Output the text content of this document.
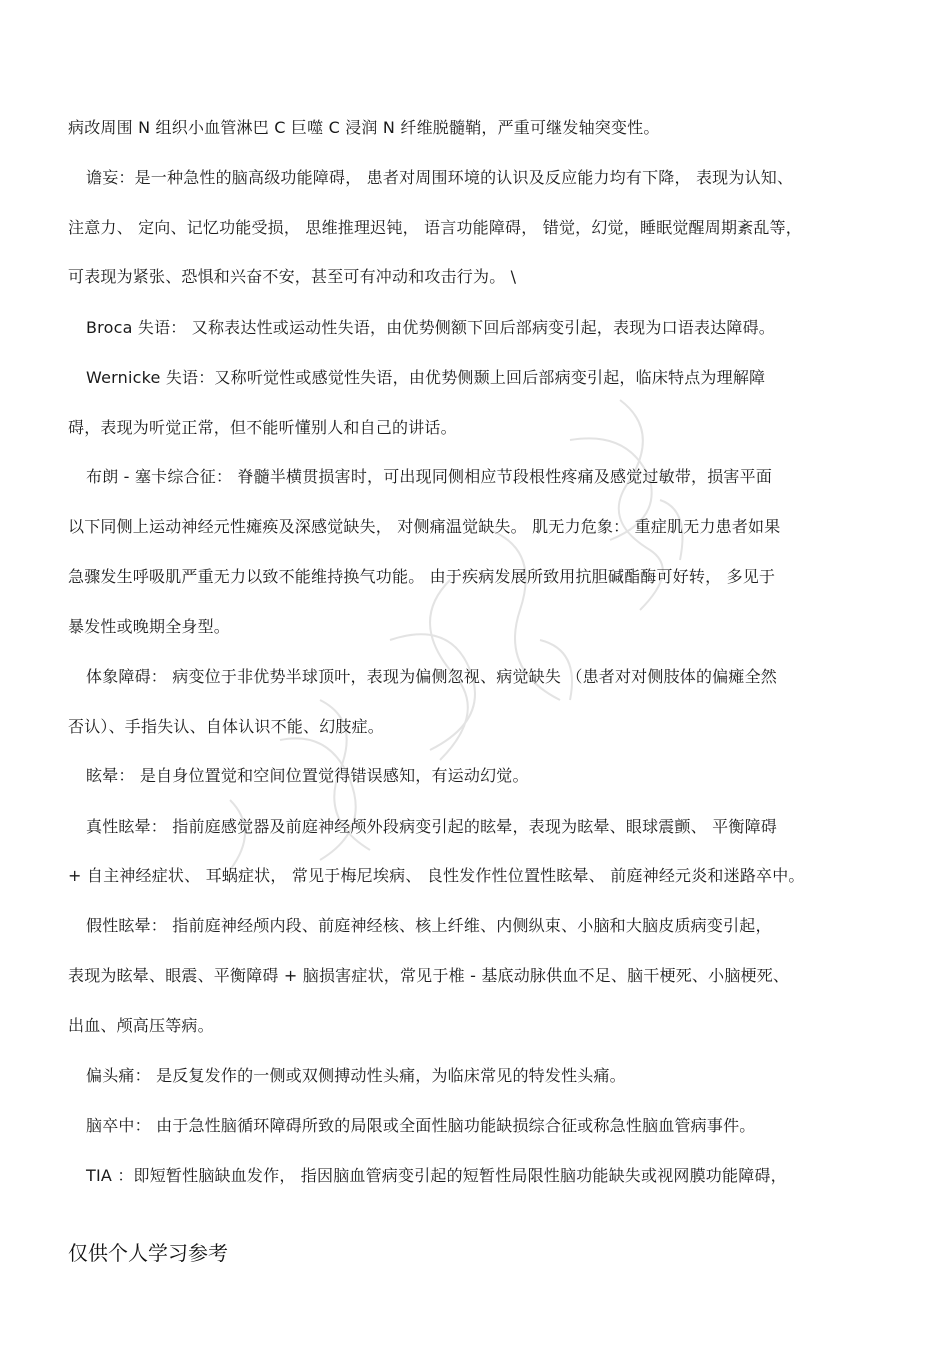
病改周围 N 组织小血管淋巴 C 巨噬 C 浸润 N 纤维脱髓鞘，严重可继发轴突变性。
谵妄：是一种急性的脑高级功能障碍， 患者对周围环境的认识及反应能力均有下降， 表现为认知、
注意力、 定向、记忆功能受损， 思维推理迟钝， 语言功能障碍， 错觉，幻觉，睡眠觉醒周期紊乱等，
可表现为紧张、恐惧和兴奋不安，甚至可有冲动和攻击行为。 \
Broca 失语： 又称表达性或运动性失语，由优势侧额下回后部病变引起，表现为口语表达障碍。
Wernicke 失语：又称听觉性或感觉性失语，由优势侧颞上回后部病变引起，临床特点为理解障
碍，表现为听觉正常，但不能听懂别人和自己的讲话。
布朗 - 塞卡综合征： 脊髓半横贯损害时，可出现同侧相应节段根性疼痛及感觉过敏带，损害平面
以下同侧上运动神经元性瘫痪及深感觉缺失， 对侧痛温觉缺失。 肌无力危象： 重症肌无力患者如果
急骤发生呼吸肌严重无力以致不能维持换气功能。 由于疾病发展所致用抗胆碱酯酶可好转， 多见于
暴发性或晚期全身型。
体象障碍： 病变位于非优势半球顶叶，表现为偏侧忽视、病觉缺失 （患者对对侧肢体的偏瘫全然
否认）、手指失认、自体认识不能、幻肢症。
眩晕： 是自身位置觉和空间位置觉得错误感知，有运动幻觉。
真性眩晕： 指前庭感觉器及前庭神经颅外段病变引起的眩晕，表现为眩晕、眼球震颤、 平衡障碍
+ 自主神经症状、 耳蜗症状， 常见于梅尼埃病、 良性发作性位置性眩晕、 前庭神经元炎和迷路卒中。
假性眩晕： 指前庭神经颅内段、前庭神经核、核上纤维、内侧纵束、小脑和大脑皮质病变引起，
表现为眩晕、眼震、平衡障碍 + 脑损害症状，常见于椎 - 基底动脉供血不足、脑干梗死、小脑梗死、
出血、颅高压等病。
偏头痛： 是反复发作的一侧或双侧搏动性头痛，为临床常见的特发性头痛。
脑卒中： 由于急性脑循环障碍所致的局限或全面性脑功能缺损综合征或称急性脑血管病事件。
TIA ：即短暂性脑缺血发作， 指因脑血管病变引起的短暂性局限性脑功能缺失或视网膜功能障碍，
仅供个人学习参考
